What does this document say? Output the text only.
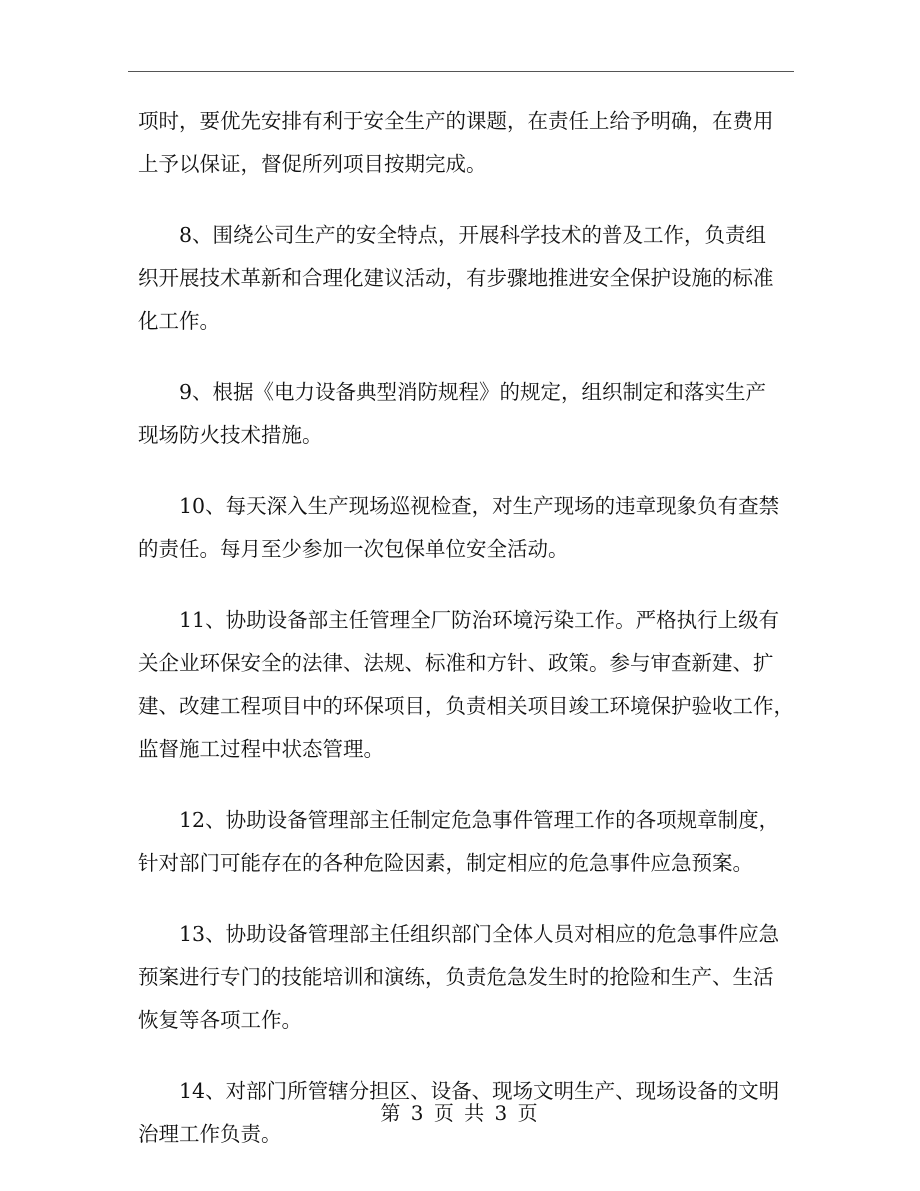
项时，要优先安排有利于安全生产的课题，在责任上给予明确，在费用
上予以保证，督促所列项目按期完成。

8、围绕公司生产的安全特点，开展科学技术的普及工作，负责组
织开展技术革新和合理化建议活动，有步骤地推进安全保护设施的标准
化工作。

9、根据《电力设备典型消防规程》的规定，组织制定和落实生产
现场防火技术措施。

10、每天深入生产现场巡视检查，对生产现场的违章现象负有查禁
的责任。每月至少参加一次包保单位安全活动。

11、协助设备部主任管理全厂防治环境污染工作。严格执行上级有
关企业环保安全的法律、法规、标准和方针、政策。参与审查新建、扩
建、改建工程项目中的环保项目，负责相关项目竣工环境保护验收工作，
监督施工过程中状态管理。

12、协助设备管理部主任制定危急事件管理工作的各项规章制度，
针对部门可能存在的各种危险因素，制定相应的危急事件应急预案。

13、协助设备管理部主任组织部门全体人员对相应的危急事件应急
预案进行专门的技能培训和演练，负责危急发生时的抢险和生产、生活
恢复等各项工作。

14、对部门所管辖分担区、设备、现场文明生产、现场设备的文明
治理工作负责。

第 3 页 共 3 页
